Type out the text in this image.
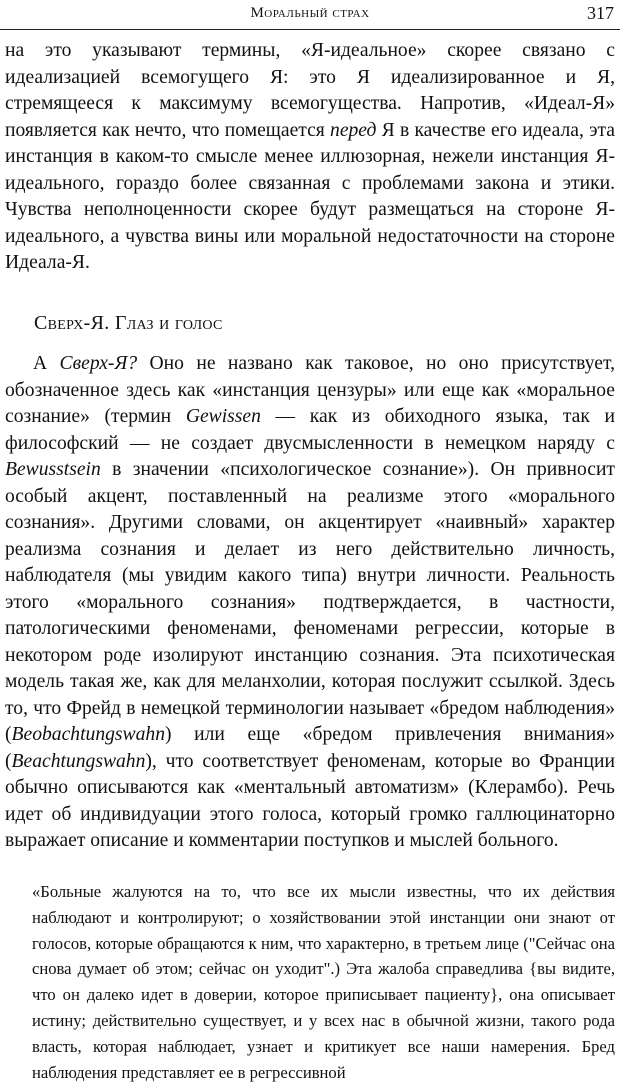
Моральный страх	317

на это указывают термины, «Я-идеальное» скорее связано с идеализацией всемогущего Я: это Я идеализированное и Я, стремящееся к максимуму всемогущества. Напротив, «Идеал-Я» появляется как нечто, что помещается перед Я в качестве его идеала, эта инстанция в каком-то смысле менее иллюзорная, нежели инстанция Я-идеального, гораздо более связанная с проблемами закона и этики. Чувства неполноценности скорее будут размещаться на стороне Я-идеального, а чувства вины или моральной недостаточности на стороне Идеала-Я.

Сверх-Я. Глаз и голос

А Сверх-Я? Оно не названо как таковое, но оно присутствует, обозначенное здесь как «инстанция цензуры» или еще как «моральное сознание» (термин Gewissen — как из обиходного языка, так и философский — не создает двусмысленности в немецком наряду с Bewusstsein в значении «психологическое сознание»). Он привносит особый акцент, поставленный на реализме этого «морального сознания». Другими словами, он акцентирует «наивный» характер реализма сознания и делает из него действительно личность, наблюдателя (мы увидим какого типа) внутри личности. Реальность этого «морального сознания» подтверждается, в частности, патологическими феноменами, феноменами регрессии, которые в некотором роде изолируют инстанцию сознания. Эта психотическая модель такая же, как для меланхолии, которая послужит ссылкой. Здесь то, что Фрейд в немецкой терминологии называет «бредом наблюдения» (Beobachtungswahn) или еще «бредом привлечения внимания» (Beachtungswahn), что соответствует феноменам, которые во Франции обычно описываются как «ментальный автоматизм» (Клерамбо). Речь идет об индивидуации этого голоса, который громко галлюцинаторно выражает описание и комментарии поступков и мыслей больного.

«Больные жалуются на то, что все их мысли известны, что их действия наблюдают и контролируют; о хозяйствовании этой инстанции они знают от голосов, которые обращаются к ним, что характерно, в третьем лице ("Сейчас она снова думает об этом; сейчас он уходит".) Эта жалоба справедлива {вы видите, что он далеко идет в доверии, которое приписывает пациенту}, она описывает истину; действительно существует, и у всех нас в обычной жизни, такого рода власть, которая наблюдает, узнает и критикует все наши намерения. Бред наблюдения представляет ее в регрессивной
